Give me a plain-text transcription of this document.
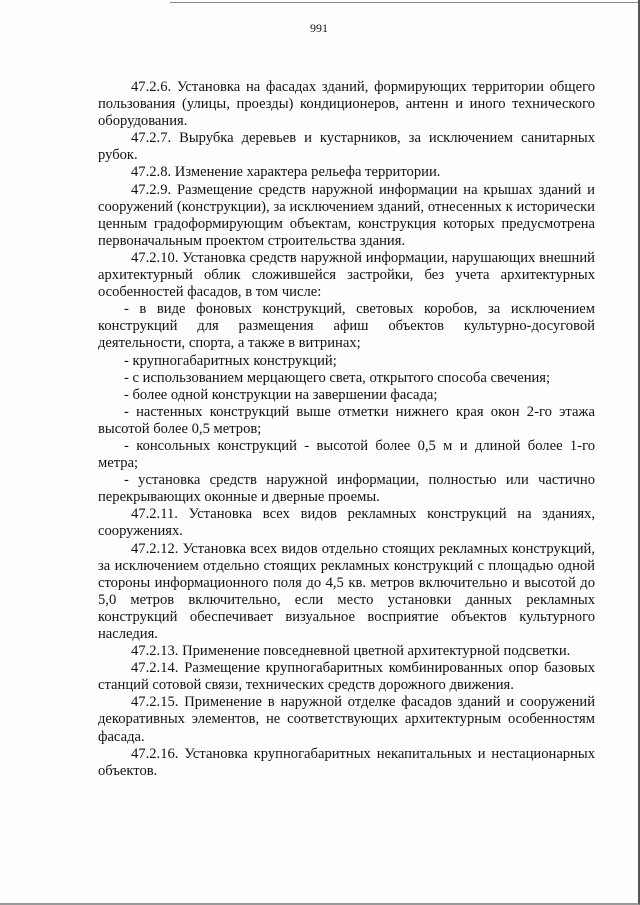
991

47.2.6. Установка на фасадах зданий, формирующих территории общего пользования (улицы, проезды) кондиционеров, антенн и иного технического оборудования.

47.2.7. Вырубка деревьев и кустарников, за исключением санитарных рубок.

47.2.8. Изменение характера рельефа территории.

47.2.9. Размещение средств наружной информации на крышах зданий и сооружений (конструкции), за исключением зданий, отнесенных к исторически ценным градоформирующим объектам, конструкция которых предусмотрена первоначальным проектом строительства здания.

47.2.10. Установка средств наружной информации, нарушающих внешний архитектурный облик сложившейся застройки, без учета архитектурных особенностей фасадов, в том числе:

- в виде фоновых конструкций, световых коробов, за исключением конструкций для размещения афиш объектов культурно-досуговой деятельности, спорта, а также в витринах;

- крупногабаритных конструкций;

- с использованием мерцающего света, открытого способа свечения;

- более одной конструкции на завершении фасада;

- настенных конструкций выше отметки нижнего края окон 2-го этажа высотой более 0,5 метров;

- консольных конструкций - высотой более 0,5 м и длиной более 1-го метра;

- установка средств наружной информации, полностью или частично перекрывающих оконные и дверные проемы.

47.2.11. Установка всех видов рекламных конструкций на зданиях, сооружениях.

47.2.12. Установка всех видов отдельно стоящих рекламных конструкций, за исключением отдельно стоящих рекламных конструкций с площадью одной стороны информационного поля до 4,5 кв. метров включительно и высотой до 5,0 метров включительно, если место установки данных рекламных конструкций обеспечивает визуальное восприятие объектов культурного наследия.

47.2.13. Применение повседневной цветной архитектурной подсветки.

47.2.14. Размещение крупногабаритных комбинированных опор базовых станций сотовой связи, технических средств дорожного движения.

47.2.15. Применение в наружной отделке фасадов зданий и сооружений декоративных элементов, не соответствующих архитектурным особенностям фасада.

47.2.16. Установка крупногабаритных некапитальных и нестационарных объектов.
